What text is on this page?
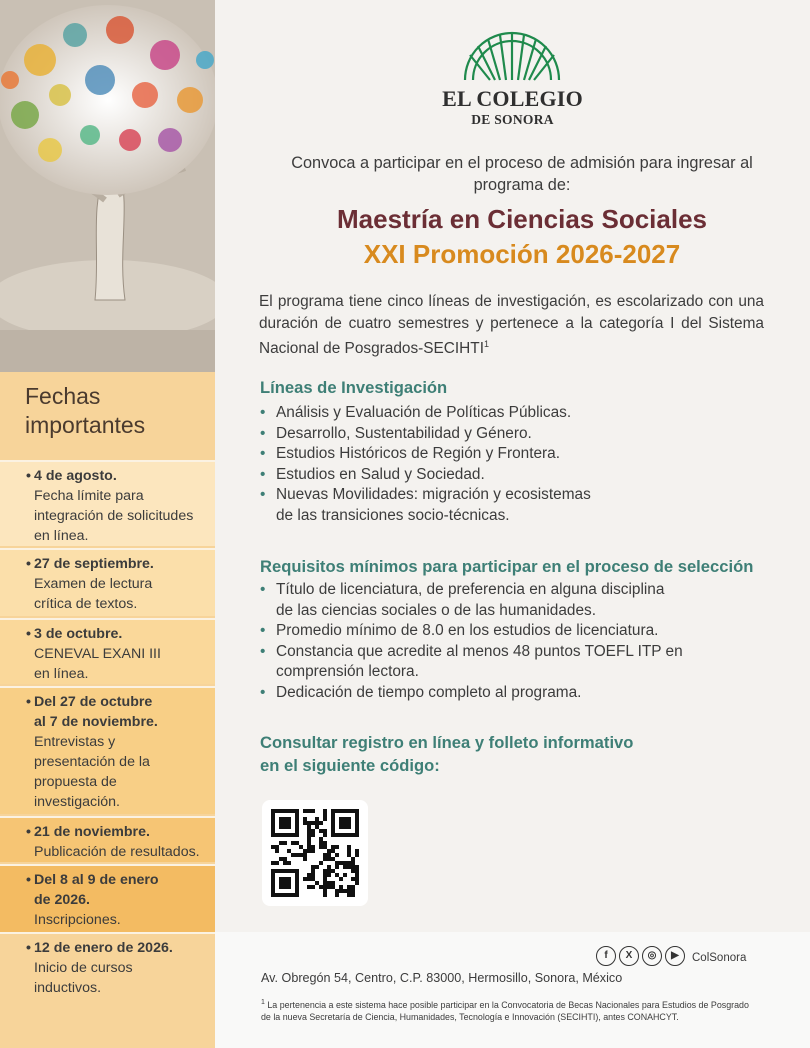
Fechas
importantes
• 4 de agosto.
Fecha límite para
integración de solicitudes
en línea.
• 27 de septiembre.
Examen de lectura
crítica de textos.
• 3 de octubre.
CENEVAL EXANI III
en línea.
• Del 27 de octubre
al 7 de noviembre.
Entrevistas y
presentación de la
propuesta de
investigación.
• 21 de noviembre.
Publicación de resultados.
• Del 8 al 9 de enero
de 2026.
Inscripciones.
• 12 de enero de 2026.
Inicio de cursos
inductivos.
EL COLEGIO
DE SONORA

Convoca a participar en el proceso de admisión para ingresar al programa de:

Maestría en Ciencias Sociales
XXI Promoción 2026-2027

El programa tiene cinco líneas de investigación, es escolarizado con una duración de cuatro semestres y pertenece a la categoría I del Sistema Nacional de Posgrados-SECIHTI$^1$

Líneas de Investigación
• Análisis y Evaluación de Políticas Públicas.
• Desarrollo, Sustentabilidad y Género.
• Estudios Históricos de Región y Frontera.
• Estudios en Salud y Sociedad.
• Nuevas Movilidades: migración y ecosistemas
de las transiciones socio-técnicas.
Requisitos mínimos para participar en el proceso de selección
• Título de licenciatura, de preferencia en alguna disciplina
de las ciencias sociales o de las humanidades.
• Promedio mínimo de 8.0 en los estudios de licenciatura.
• Constancia que acredite al menos 48 puntos TOEFL ITP en
comprensión lectora.
• Dedicación de tiempo completo al programa.
Consultar registro en línea y folleto informativo
en el siguiente código:
f X ◎ ▶	ColSonora
Av. Obregón 54, Centro, C.P. 83000, Hermosillo, Sonora, México

$^1$ La pertenencia a este sistema hace posible participar en la Convocatoria de Becas Nacionales para Estudios de Posgrado de la nueva Secretaría de Ciencia, Humanidades, Tecnología e Innovación (SECIHTI), antes CONAHCYT.
